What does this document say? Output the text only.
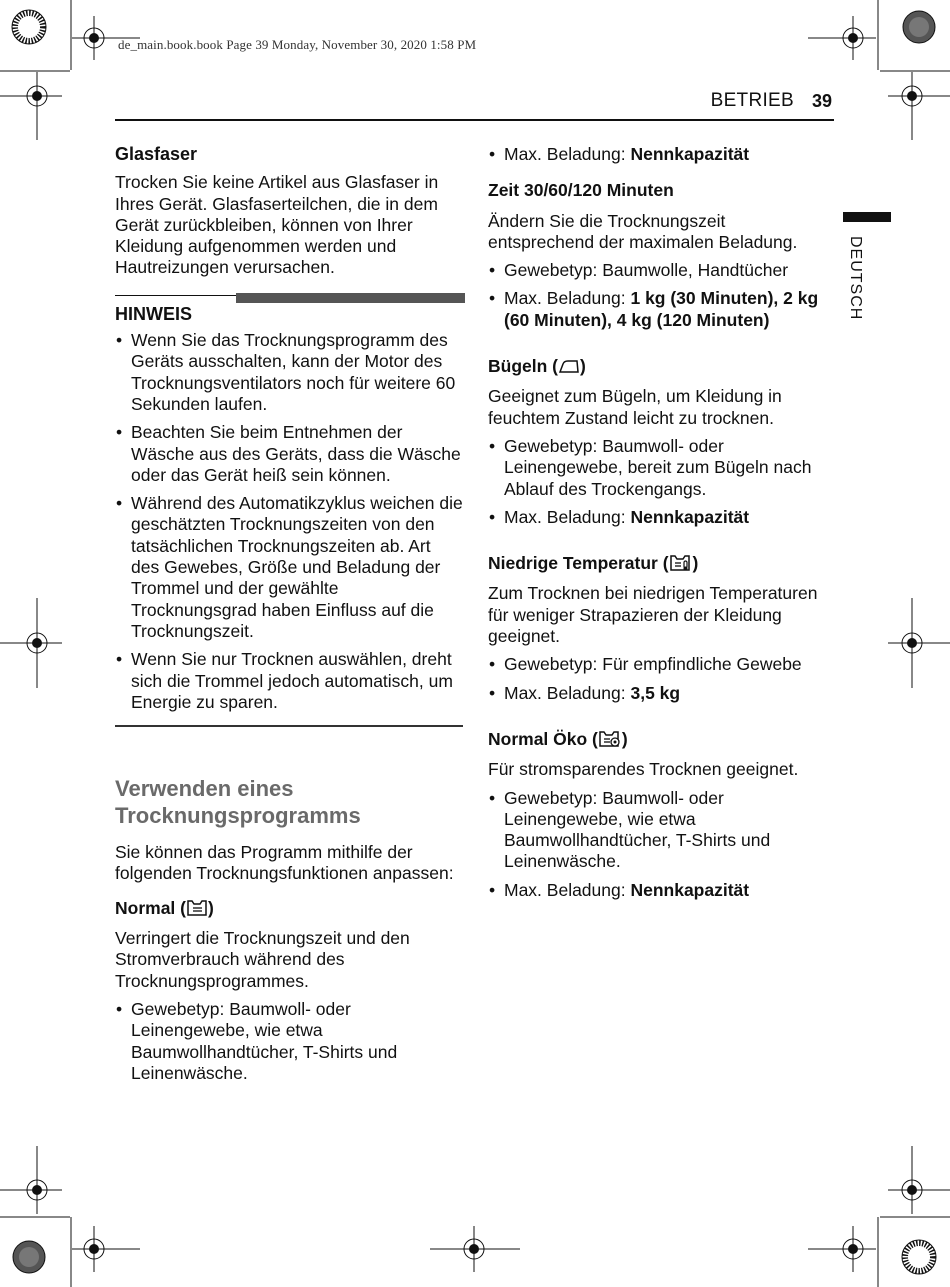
de_main.book.book Page 39 Monday, November 30, 2020 1:58 PM
BETRIEB 39
DEUTSCH
Glasfaser

Trocken Sie keine Artikel aus Glasfaser in Ihres Gerät. Glasfaserteilchen, die in dem Gerät zurückbleiben, können von Ihrer Kleidung aufgenommen werden und Hautreizungen verursachen.

HINWEIS
• Wenn Sie das Trocknungsprogramm des Geräts ausschalten, kann der Motor des Trocknungsventilators noch für weitere 60 Sekunden laufen.
• Beachten Sie beim Entnehmen der Wäsche aus des Geräts, dass die Wäsche oder das Gerät heiß sein können.
• Während des Automatikzyklus weichen die geschätzten Trocknungszeiten von den tatsächlichen Trocknungszeiten ab. Art des Gewebes, Größe und Beladung der Trommel und der gewählte Trocknungsgrad haben Einfluss auf die Trocknungszeit.
• Wenn Sie nur Trocknen auswählen, dreht sich die Trommel jedoch automatisch, um Energie zu sparen.
Verwenden eines Trocknungsprogramms

Sie können das Programm mithilfe der folgenden Trocknungsfunktionen anpassen:

Normal ( )

Verringert die Trocknungszeit und den Stromverbrauch während des Trocknungsprogrammes.

• Gewebetyp: Baumwoll- oder Leinengewebe, wie etwa Baumwollhandtücher, T-Shirts und Leinenwäsche.
• Max. Beladung: Nennkapazität
Zeit 30/60/120 Minuten

Ändern Sie die Trocknungszeit entsprechend der maximalen Beladung.

• Gewebetyp: Baumwolle, Handtücher
• Max. Beladung: 1 kg (30 Minuten), 2 kg (60 Minuten), 4 kg (120 Minuten)
Bügeln ( )

Geeignet zum Bügeln, um Kleidung in feuchtem Zustand leicht zu trocknen.

• Gewebetyp: Baumwoll- oder Leinengewebe, bereit zum Bügeln nach Ablauf des Trockengangs.
• Max. Beladung: Nennkapazität
Niedrige Temperatur ( )

Zum Trocknen bei niedrigen Temperaturen für weniger Strapazieren der Kleidung geeignet.

• Gewebetyp: Für empfindliche Gewebe
• Max. Beladung: 3,5 kg
Normal Öko ( )

Für stromsparendes Trocknen geeignet.

• Gewebetyp: Baumwoll- oder Leinengewebe, wie etwa Baumwollhandtücher, T-Shirts und Leinenwäsche.
• Max. Beladung: Nennkapazität
